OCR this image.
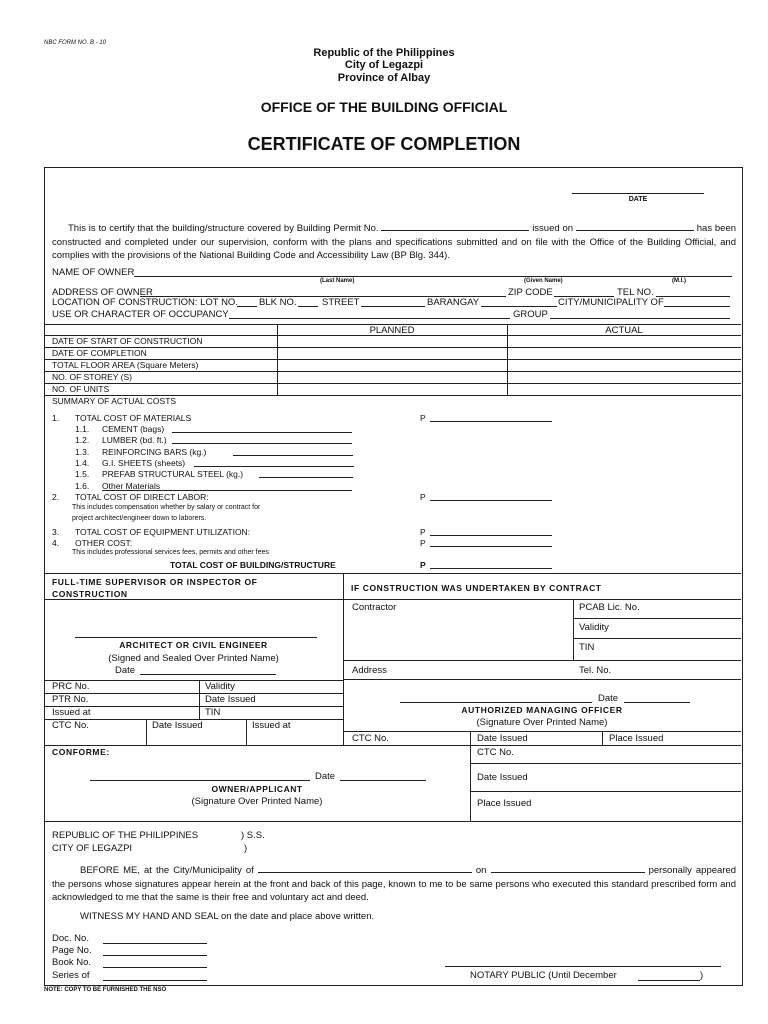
NBC FORM NO. B - 10
Republic of the Philippines
City of Legazpi
Province of Albay
OFFICE OF THE BUILDING OFFICIAL
CERTIFICATE OF COMPLETION
DATE
This is to certify that the building/structure covered by Building Permit No.	issued on	has been constructed and completed under our supervision, conform with the plans and specifications submitted and on file with the Office of the Building Official, and complies with the provisions of the National Building Code and Accessibility Law (BP Blg. 344).
NAME OF OWNER
(Last Name)	(Given Name)	(M.I.)
ADDRESS OF OWNER	ZIP CODE	TEL NO.
LOCATION OF CONSTRUCTION: LOT NO. BLK NO.	STREET	BARANGAY	CITY/MUNICIPALITY OF
USE OR CHARACTER OF OCCUPANCY	GROUP
PLANNED	ACTUAL
DATE OF START OF CONSTRUCTION
DATE OF COMPLETION
TOTAL FLOOR AREA (Square Meters)
NO. OF STOREY (S)
NO. OF UNITS
SUMMARY OF ACTUAL COSTS
1. TOTAL COST OF MATERIALS	P
1.1. CEMENT (bags)
1.2. LUMBER (bd. ft.)
1.3. REINFORCING BARS (kg.)
1.4. G.I. SHEETS (sheets)
1.5. PREFAB STRUCTURAL STEEL (kg.)
1.6. Other Materials
2. TOTAL COST OF DIRECT LABOR:	P
This includes compensation whether by salary or contract for
project architect/engineer down to laborers.
3. TOTAL COST OF EQUIPMENT UTILIZATION:	P
4. OTHER COST:	P
This includes professional services fees, permits and other fees
TOTAL COST OF BUILDING/STRUCTURE	P
FULL-TIME SUPERVISOR OR INSPECTOR OF CONSTRUCTION
IF CONSTRUCTION WAS UNDERTAKEN BY CONTRACT
Contractor	PCAB Lic. No.
Validity
TIN
Address	Tel. No.
ARCHITECT OR CIVIL ENGINEER
(Signed and Sealed Over Printed Name)
Date
PRC No.	Validity
PTR No.	Date Issued
Issued at	TIN
CTC No.	Date Issued	Issued at
Date
AUTHORIZED MANAGING OFFICER
(Signature Over Printed Name)
CTC No.	Date Issued	Place Issued
CONFORME:	CTC No.
Date Issued
Place Issued
Date
OWNER/APPLICANT
(Signature Over Printed Name)
REPUBLIC OF THE PHILIPPINES	) S.S.
CITY OF LEGAZPI	)
BEFORE ME, at the City/Municipality of	on	personally appeared the persons whose signatures appear herein at the front and back of this page, known to me to be same persons who executed this standard prescribed form and acknowledged to me that the same is their free and voluntary act and deed.
WITNESS MY HAND AND SEAL on the date and place above written.
Doc. No.
Page No.
Book No.
Series of	NOTARY PUBLIC (Until December	)
NOTE: COPY TO BE FURNISHED THE NSO
